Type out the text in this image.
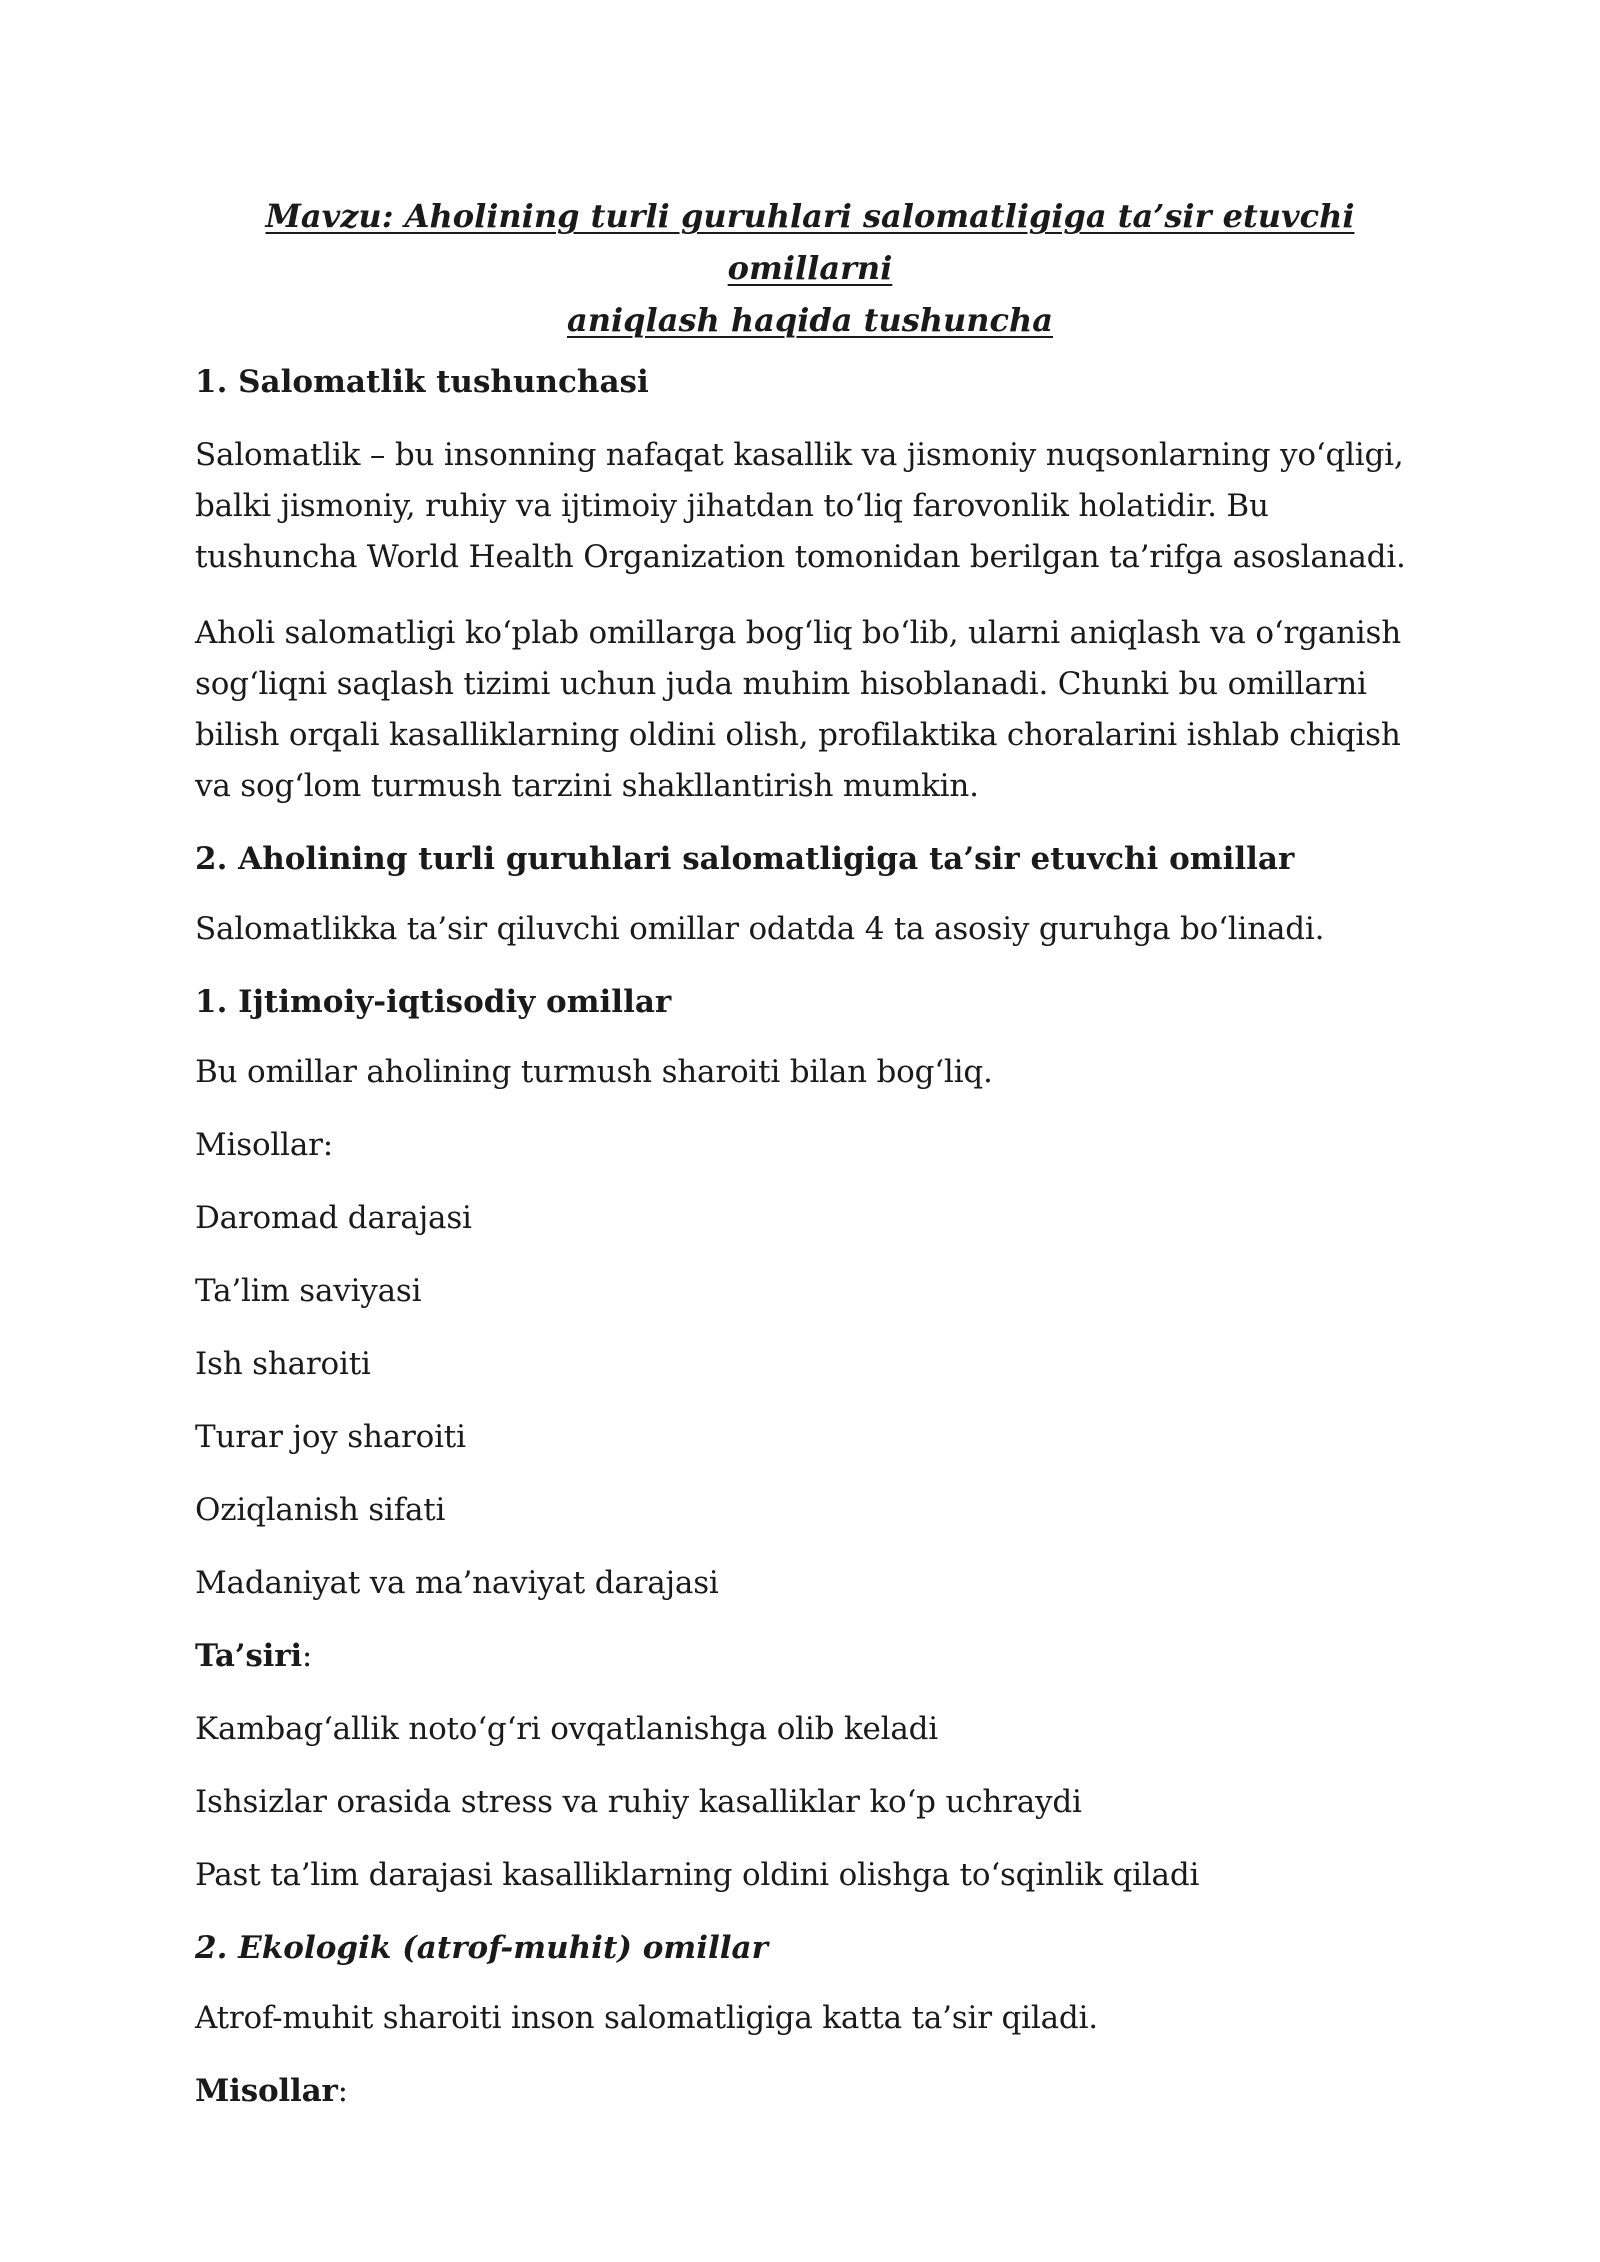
Mavzu: Aholining turli guruhlari salomatligiga ta’sir etuvchi omillarni
aniqlash haqida tushuncha
1. Salomatlik tushunchasi
Salomatlik – bu insonning nafaqat kasallik va jismoniy nuqsonlarning yo‘qligi,
balki jismoniy, ruhiy va ijtimoiy jihatdan to‘liq farovonlik holatidir. Bu
tushuncha World Health Organization tomonidan berilgan ta’rifga asoslanadi.
Aholi salomatligi ko‘plab omillarga bog‘liq bo‘lib, ularni aniqlash va o‘rganish
sog‘liqni saqlash tizimi uchun juda muhim hisoblanadi. Chunki bu omillarni
bilish orqali kasalliklarning oldini olish, profilaktika choralarini ishlab chiqish
va sog‘lom turmush tarzini shakllantirish mumkin.
2. Aholining turli guruhlari salomatligiga ta’sir etuvchi omillar
Salomatlikka ta’sir qiluvchi omillar odatda 4 ta asosiy guruhga bo‘linadi.
1. Ijtimoiy-iqtisodiy omillar
Bu omillar aholining turmush sharoiti bilan bog‘liq.
Misollar:
Daromad darajasi
Ta’lim saviyasi
Ish sharoiti
Turar joy sharoiti
Oziqlanish sifati
Madaniyat va ma’naviyat darajasi
Ta’siri:
Kambag‘allik noto‘g‘ri ovqatlanishga olib keladi
Ishsizlar orasida stress va ruhiy kasalliklar ko‘p uchraydi
Past ta’lim darajasi kasalliklarning oldini olishga to‘sqinlik qiladi
2. Ekologik (atrof-muhit) omillar
Atrof-muhit sharoiti inson salomatligiga katta ta’sir qiladi.
Misollar:
